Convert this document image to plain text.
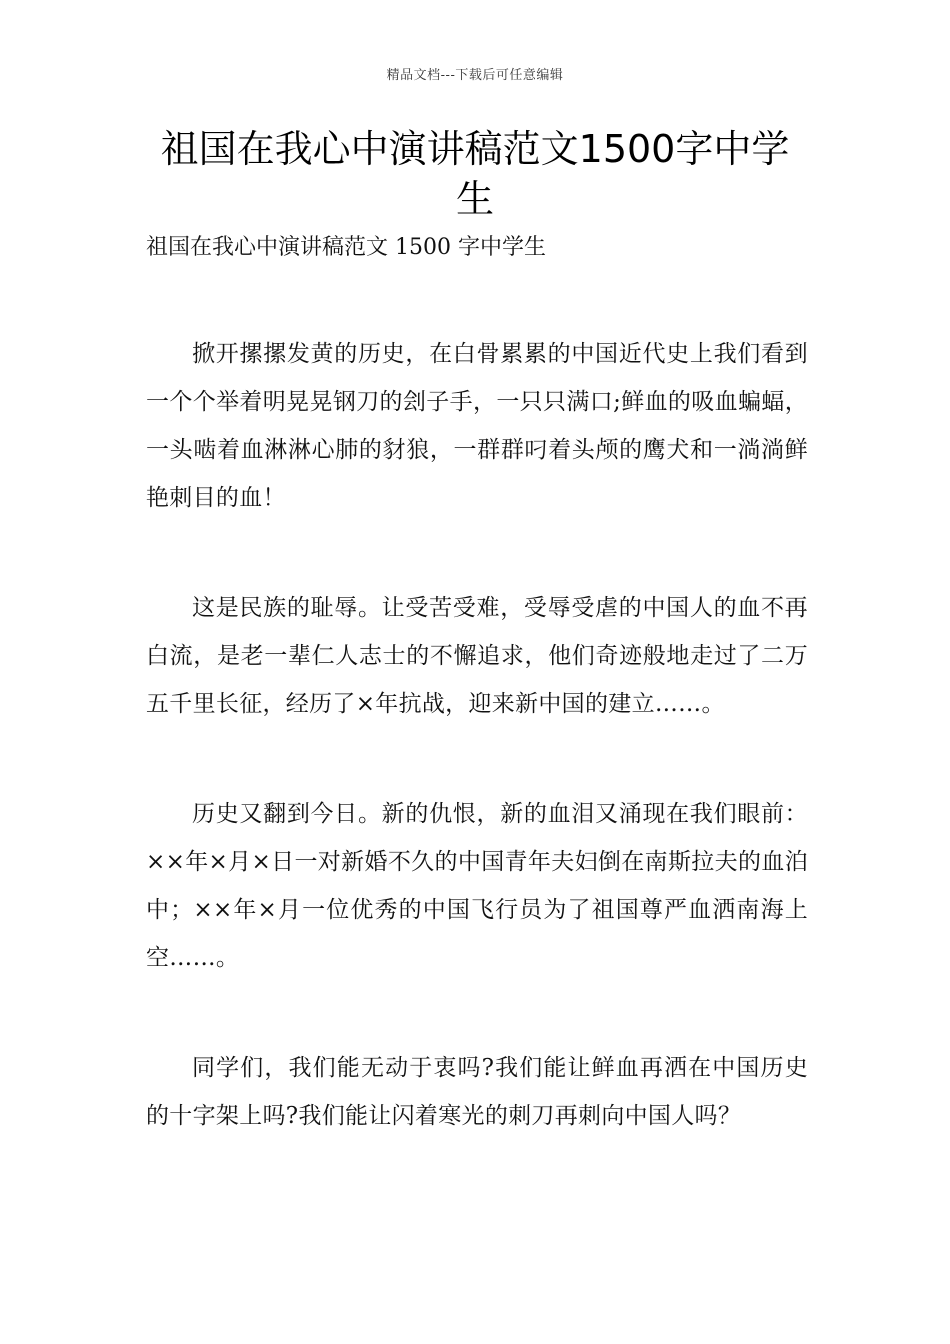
精品文档---下载后可任意编辑
祖国在我心中演讲稿范文1500字中学生
祖国在我心中演讲稿范文 1500 字中学生

掀开摞摞发黄的历史，在白骨累累的中国近代史上我们看到一个个举着明晃晃钢刀的刽子手，一只只满口;鲜血的吸血蝙蝠，一头啮着血淋淋心肺的豺狼，一群群叼着头颅的鹰犬和一淌淌鲜艳刺目的血！

这是民族的耻辱。让受苦受难，受辱受虐的中国人的血不再白流，是老一辈仁人志士的不懈追求，他们奇迹般地走过了二万五千里长征，经历了×年抗战，迎来新中国的建立……。

历史又翻到今日。新的仇恨，新的血泪又涌现在我们眼前：××年×月×日一对新婚不久的中国青年夫妇倒在南斯拉夫的血泊中；××年×月一位优秀的中国飞行员为了祖国尊严血洒南海上空……。

同学们，我们能无动于衷吗?我们能让鲜血再洒在中国历史的十字架上吗?我们能让闪着寒光的刺刀再刺向中国人吗？
